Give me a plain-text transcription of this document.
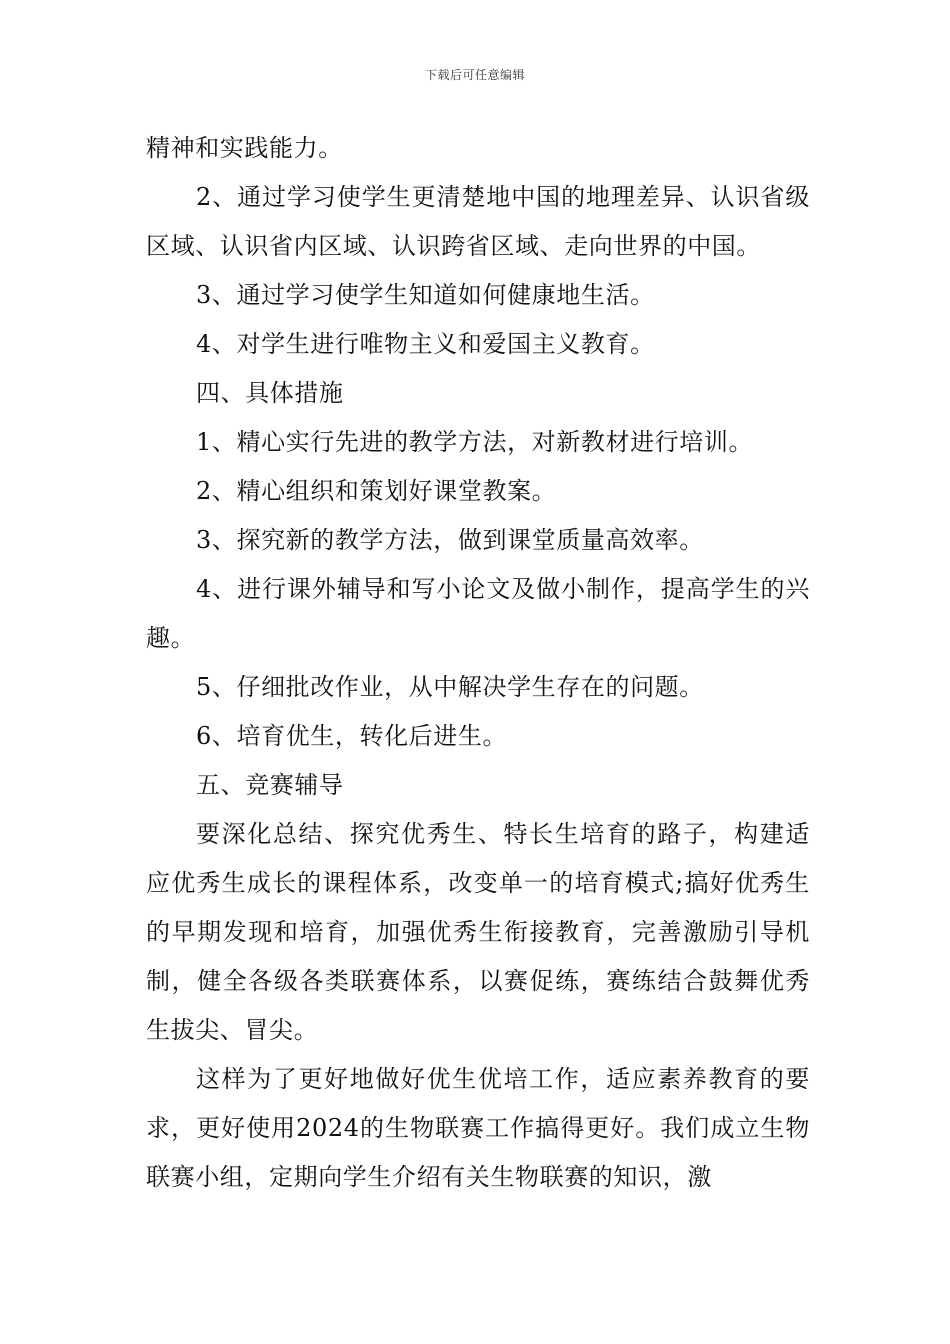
下载后可任意编辑

精神和实践能力。

2、通过学习使学生更清楚地中国的地理差异、认识省级区域、认识省内区域、认识跨省区域、走向世界的中国。

3、通过学习使学生知道如何健康地生活。

4、对学生进行唯物主义和爱国主义教育。

四、具体措施

1、精心实行先进的教学方法，对新教材进行培训。

2、精心组织和策划好课堂教案。

3、探究新的教学方法，做到课堂质量高效率。

4、进行课外辅导和写小论文及做小制作，提高学生的兴趣。

5、仔细批改作业，从中解决学生存在的问题。

6、培育优生，转化后进生。

五、竞赛辅导

要深化总结、探究优秀生、特长生培育的路子，构建适应优秀生成长的课程体系，改变单一的培育模式;搞好优秀生的早期发现和培育，加强优秀生衔接教育，完善激励引导机制，健全各级各类联赛体系，以赛促练，赛练结合鼓舞优秀生拔尖、冒尖。

这样为了更好地做好优生优培工作，适应素养教育的要求，更好使用2024的生物联赛工作搞得更好。我们成立生物联赛小组，定期向学生介绍有关生物联赛的知识，激
